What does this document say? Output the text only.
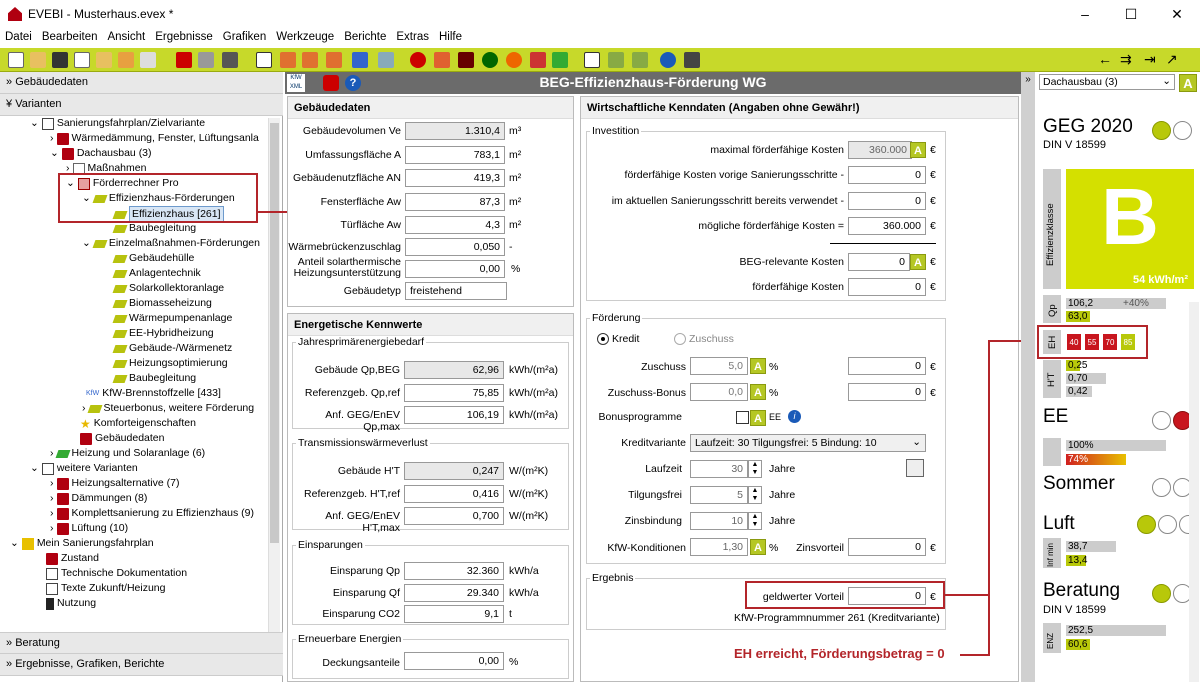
EVEBI - Musterhaus.evex *	–	☐	✕
Datei Bearbeiten Ansicht Ergebnisse Grafiken Werkzeuge Berichte Extras Hilfe
← ⇉ ⇥ ↗
» Gebäudedaten
¥ Varianten
⌄ Sanierungsfahrplan/Zielvariante
› Wärmedämmung, Fenster, Lüftungsanla
⌄ Dachausbau (3)
› Maßnahmen
⌄ Förderrechner Pro
⌄ Effizienzhaus-Förderungen
Effizienzhaus [261]
Baubegleitung
⌄ Einzelmaßnahmen-Förderungen
Gebäudehülle
Anlagentechnik
Solarkollektoranlage
Biomasseheizung
Wärmepumpenanlage
EE-Hybridheizung
Gebäude-/Wärmenetz
Heizungsoptimierung
Baubegleitung
KfW KfW-Brennstoffzelle [433]
› Steuerbonus, weitere Förderung
★ Komforteigenschaften
Gebäudedaten
› Heizung und Solaranlage (6)
⌄ weitere Varianten
› Heizungsalternative (7)
› Dämmungen (8)
› Komplettsanierung zu Effizienzhaus (9)
› Lüftung (10)
⌄ Mein Sanierungsfahrplan
Zustand
Technische Dokumentation
Texte Zukunft/Heizung
Nutzung
» Beratung
» Ergebnisse, Grafiken, Berichte
KfW XML	?	BEG-Effizienzhaus-Förderung WG
Gebäudedaten
Gebäudevolumen Ve	1.310,4 m³
Umfassungsfläche A	783,1 m²
Gebäudenutzfläche AN	419,3 m²
Fensterfläche Aw	87,3 m²
Türfläche Aw	4,3 m²
Wärmebrückenzuschlag	0,050 -
Anteil solarthermische Heizungsunterstützung	0,00	%
Gebäudetyp freistehend
Energetische Kennwerte
Jahresprimärenergiebedarf
Gebäude Qp,BEG	62,96 kWh/(m²a)
Referenzgeb. Qp,ref	75,85 kWh/(m²a)
Anf. GEG/EnEV Qp,max
106,19 kWh/(m²a)
Transmissionswärmeverlust
Gebäude H'T	0,247 W/(m²K)
Referenzgeb. H'T,ref	0,416 W/(m²K)
Anf. GEG/EnEV H'T,max
0,700 W/(m²K)
Einsparungen
Einsparung Qp	32.360 kWh/a
Einsparung Qf	29.340 kWh/a
Einsparung CO2	9,1 t
Erneuerbare Energien
Deckungsanteile	0,00 %
Wirtschaftliche Kenndaten (Angaben ohne Gewähr!)
Investition
maximal förderfähige Kosten	360.000 A €
förderfähige Kosten vorige Sanierungsschritte -	0 €
im aktuellen Sanierungsschritt bereits verwendet -	0 €
mögliche förderfähige Kosten =	360.000 €
BEG-relevante Kosten	0 A €
förderfähige Kosten	0 €
Förderung
Kredit	Zuschuss
Zuschuss	5,0	A %	0 €
Zuschuss-Bonus	0,0	A %	0 €
Bonusprogramme	A EE	i
Kreditvariante Laufzeit: 30 Tilgungsfrei: 5 Bindung: 10	⌄
Laufzeit	30	▲
▼	Jahre
Tilgungsfrei	5	▲
▼	Jahre
Zinsbindung	10	▲
▼	Jahre
KfW-Konditionen	1,30	A %	Zinsvorteil	0 €
Ergebnis
geldwerter Vorteil	0 €
KfW-Programmnummer 261 (Kreditvariante)
EH erreicht, Förderungsbetrag = 0
»	Dachausbau (3)	⌄ A
GEG 2020
DIN V 18599
Effizienzklasse B
54 kWh/m²
Qp
106,2	+40%
63,0
EH	40	55	70	85
H'T
0,25
0,70
0,42
EE
100%
74%
Sommer
Luft
Inf min 38,7
13,4
Beratung
DIN V 18599
ENZ
252,5
60,6
